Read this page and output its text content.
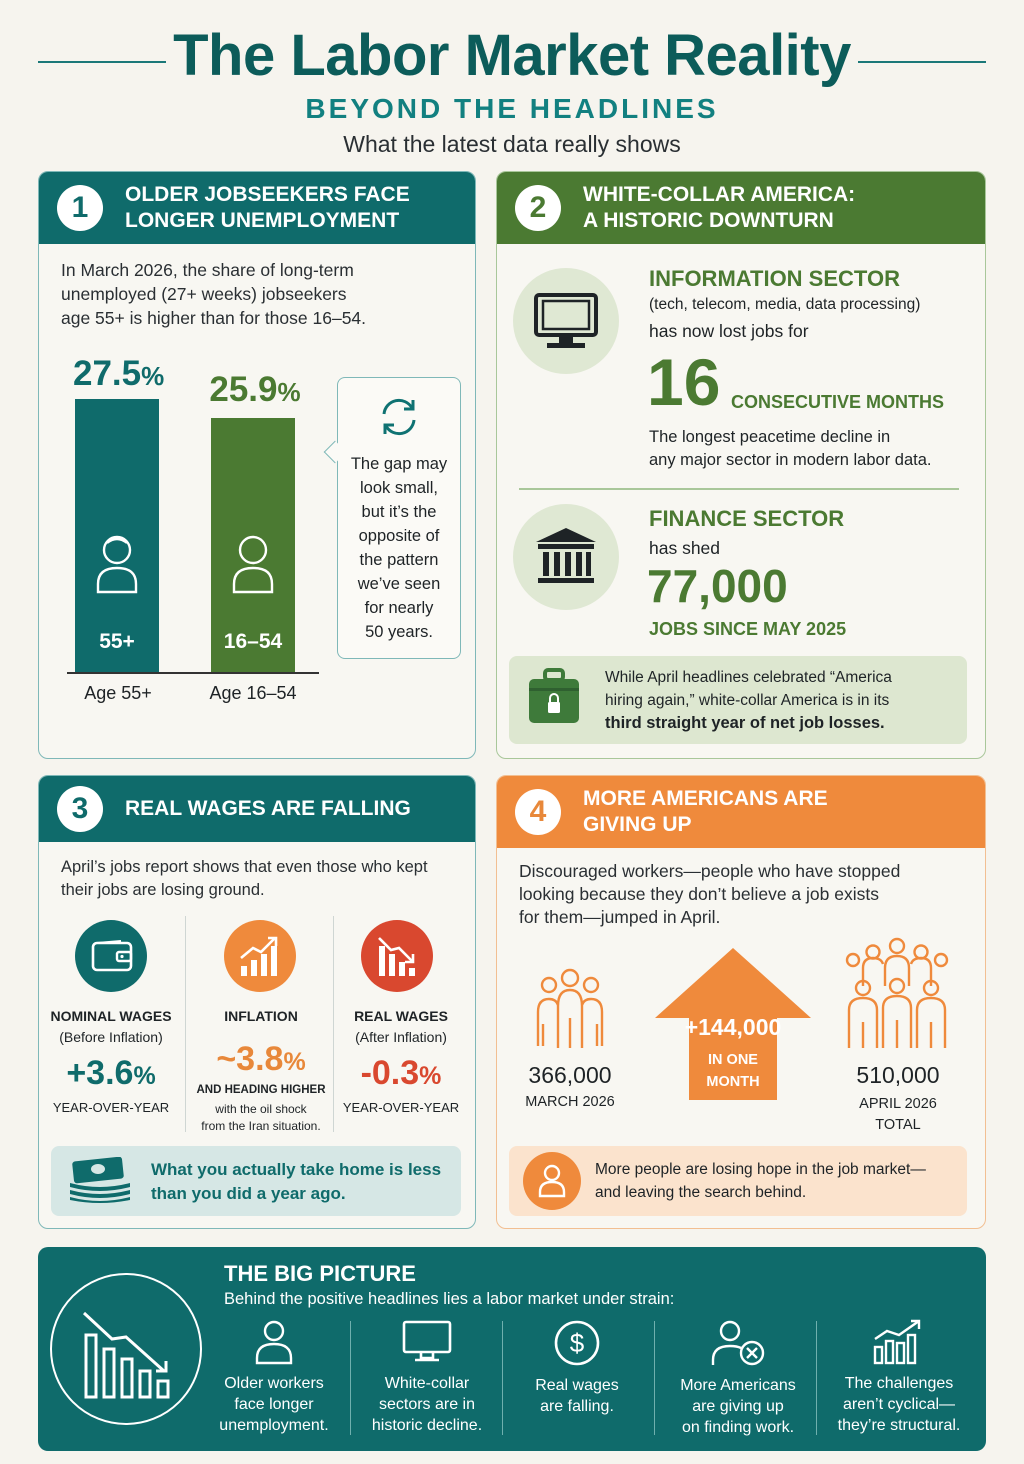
The Labor Market Reality
BEYOND THE HEADLINES
What the latest data really shows
1	OLDER JOBSEEKERS FACE
LONGER UNEMPLOYMENT
In March 2026, the share of long-term
unemployed (27+ weeks) jobseekers
age 55+ is higher than for those 16–54.
27.5%
55+
25.9%
16–54
Age 55+	Age 16–54
The gap may
look small,
but it’s the
opposite of
the pattern
we’ve seen
for nearly
50 years.
2	WHITE-COLLAR AMERICA:
A HISTORIC DOWNTURN
INFORMATION SECTOR
(tech, telecom, media, data processing)
has now lost jobs for
16 CONSECUTIVE MONTHS
The longest peacetime decline in
any major sector in modern labor data.
FINANCE SECTOR
has shed
77,000
JOBS SINCE MAY 2025
While April headlines celebrated “America
hiring again,” white-collar America is in its
third straight year of net job losses.
3	REAL WAGES ARE FALLING
April’s jobs report shows that even those who kept
their jobs are losing ground.
NOMINAL WAGES
(Before Inflation)
+3.6%
YEAR-OVER-YEAR
INFLATION
~3.8%
AND HEADING HIGHER
with the oil shock
from the Iran situation.
REAL WAGES
(After Inflation)
-0.3%
YEAR-OVER-YEAR
What you actually take home is less
than you did a year ago.
4	MORE AMERICANS ARE
GIVING UP
Discouraged workers—people who have stopped
looking because they don’t believe a job exists
for them—jumped in April.
366,000
MARCH 2026
+144,000
IN ONE
MONTH	510,000
APRIL 2026
TOTAL
More people are losing hope in the job market—
and leaving the search behind.
THE BIG PICTURE
Behind the positive headlines lies a labor market under strain:
Older workers
face longer
unemployment.
White-collar
sectors are in
historic decline.
$
Real wages
are falling.
More Americans
are giving up
on finding work.
The challenges
aren’t cyclical—
they’re structural.
